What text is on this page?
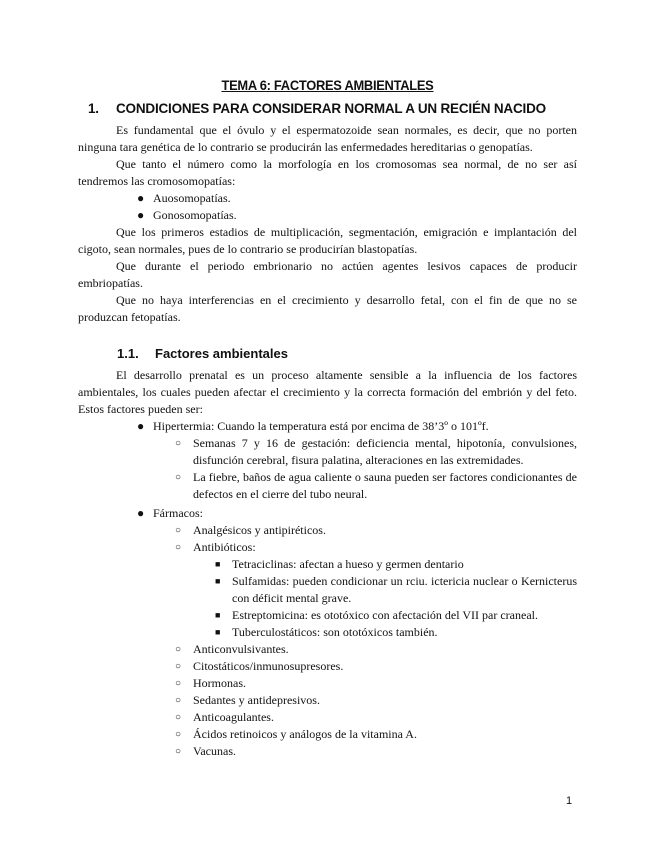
TEMA 6: FACTORES AMBIENTALES
1. CONDICIONES PARA CONSIDERAR NORMAL A UN RECIÉN NACIDO

Es fundamental que el óvulo y el espermatozoide sean normales, es decir, que no porten ninguna tara genética de lo contrario se producirán las enfermedades hereditarias o genopatías.

Que tanto el número como la morfología en los cromosomas sea normal, de no ser así tendremos las cromosomopatías:

● Auosomopatías.
● Gonosomopatías.

Que los primeros estadios de multiplicación, segmentación, emigración e implantación del cigoto, sean normales, pues de lo contrario se producirían blastopatías.

Que durante el periodo embrionario no actúen agentes lesivos capaces de producir embriopatías.

Que no haya interferencias en el crecimiento y desarrollo fetal, con el fin de que no se produzcan fetopatías.

1.1. Factores ambientales

El desarrollo prenatal es un proceso altamente sensible a la influencia de los factores ambientales, los cuales pueden afectar el crecimiento y la correcta formación del embrión y del feto. Estos factores pueden ser:

● Hipertermia: Cuando la temperatura está por encima de 38’3º o 101ºf.
○ Semanas 7 y 16 de gestación: deficiencia mental, hipotonía, convulsiones, disfunción cerebral, fisura palatina, alteraciones en las extremidades.
○ La fiebre, baños de agua caliente o sauna pueden ser factores condicionantes de defectos en el cierre del tubo neural.
● Fármacos:
○ Analgésicos y antipiréticos.
○ Antibióticos:
■ Tetraciclinas: afectan a hueso y germen dentario
■ Sulfamidas: pueden condicionar un rciu. ictericia nuclear o Kernicterus con déficit mental grave.
■ Estreptomicina: es ototóxico con afectación del VII par craneal.
■ Tuberculostáticos: son ototóxicos también.
○ Anticonvulsivantes.
○ Citostáticos/inmunosupresores.
○ Hormonas.
○ Sedantes y antidepresivos.
○ Anticoagulantes.
○ Ácidos retinoicos y análogos de la vitamina A.
○ Vacunas.
1
